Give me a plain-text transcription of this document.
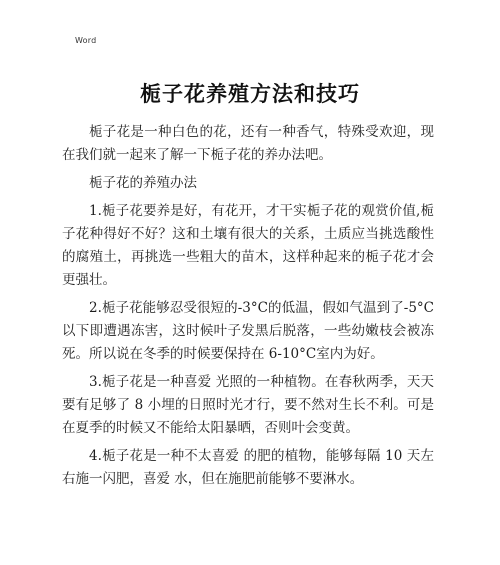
Word
栀子花养殖方法和技巧

栀子花是一种白色的花，还有一种香气，特殊受欢迎，现在我们就一起来了解一下栀子花的养办法吧。

栀子花的养殖办法

1.栀子花要养是好，有花开，才干实栀子花的观赏价值,栀子花种得好不好？这和土壤有很大的关系，土质应当挑选酸性的腐殖土，再挑选一些粗大的苗木，这样种起来的栀子花才会更强壮。

2.栀子花能够忍受很短的-3°C的低温，假如气温到了-5°C以下即遭遇冻害，这时候叶子发黑后脱落，一些幼嫩枝会被冻死。所以说在冬季的时候要保持在 6-10°C室内为好。

3.栀子花是一种喜爱 光照的一种植物。在春秋两季，天天要有足够了 8 小埋的日照时光才行，要不然对生长不利。可是在夏季的时候又不能给太阳暴晒，否则叶会变黄。

4.栀子花是一种不太喜爱 的肥的植物，能够每隔 10 天左右施一闪肥，喜爱 水，但在施肥前能够不要淋水。
